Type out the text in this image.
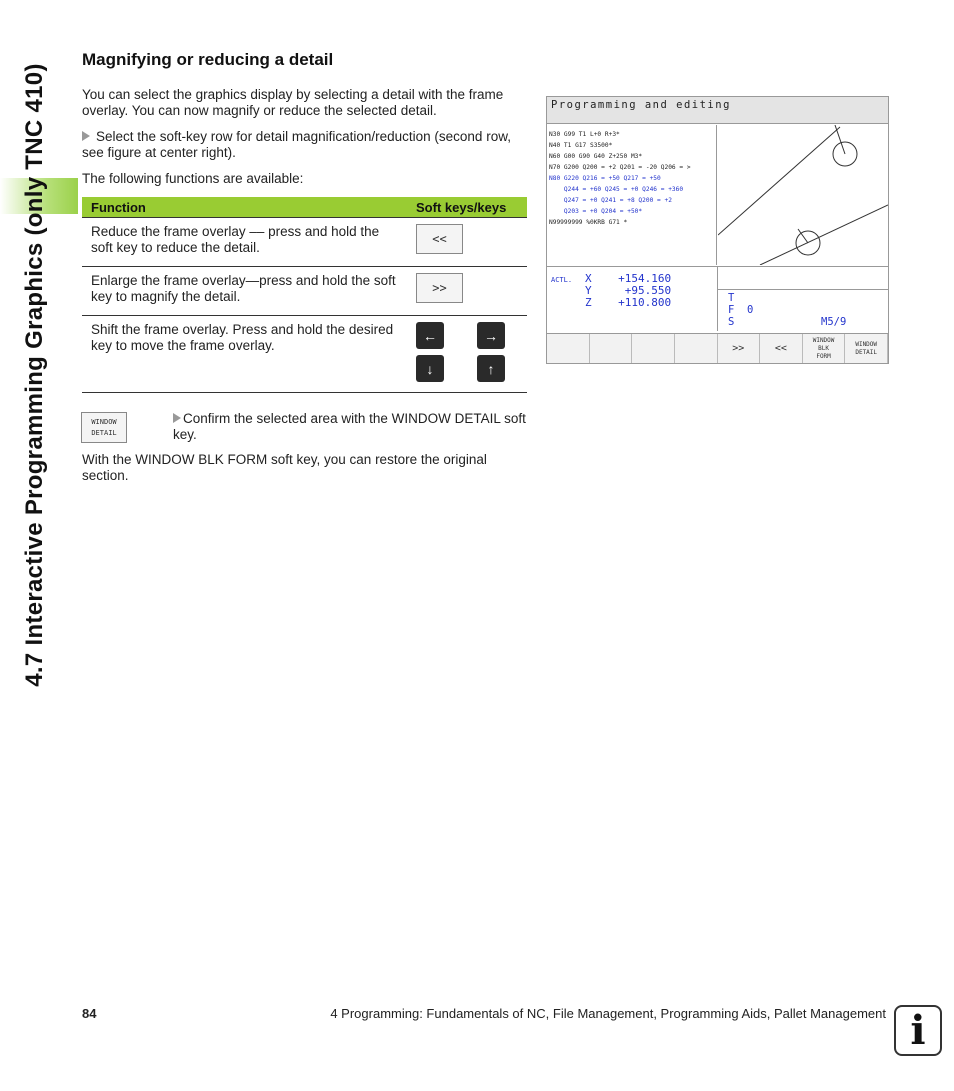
4.7 Interactive Programming Graphics (only TNC 410)
Magnifying or reducing a detail
You can select the graphics display by selecting a detail with the frame overlay. You can now magnify or reduce the selected detail.
Select the soft-key row for detail magnification/reduction (second row, see figure at center right).
The following functions are available:
Function	Soft keys/keys
Reduce the frame overlay –– press and hold the soft key to reduce the detail.	<<

Enlarge the frame overlay—press and hold the soft key to magnify the detail.	>>

Shift the frame overlay. Press and hold the desired key to move the frame overlay.	← →
↓ ↑
WINDOW
DETAIL
Confirm the selected area with the WINDOW DETAIL soft key.
With the WINDOW BLK FORM soft key, you can restore the original section.
Programming and editing
N30 G99 T1 L+0 R+3*
N40 T1 G17 S3500*
N60 G00 G90 G40 Z+250 M3*
N70 G200 Q200 = +2 Q201 = -20 Q206 = >
N80 G220 Q216 = +50 Q217 = +50
Q244 = +60 Q245 = +0 Q246 = +360
Q247 = +0 Q241 = +8 Q200 = +2
Q203 = +0 Q204 = +50*
N99999999 %0KRB G71 *
ACTL. X    +154.160
Y     +95.550
Z    +110.800	T
F  0
S	M5/9
>>	<<
WINDOW
BLK
FORM
WINDOW
DETAIL
84	4 Programming: Fundamentals of NC, File Management, Programming Aids, Pallet Management i
